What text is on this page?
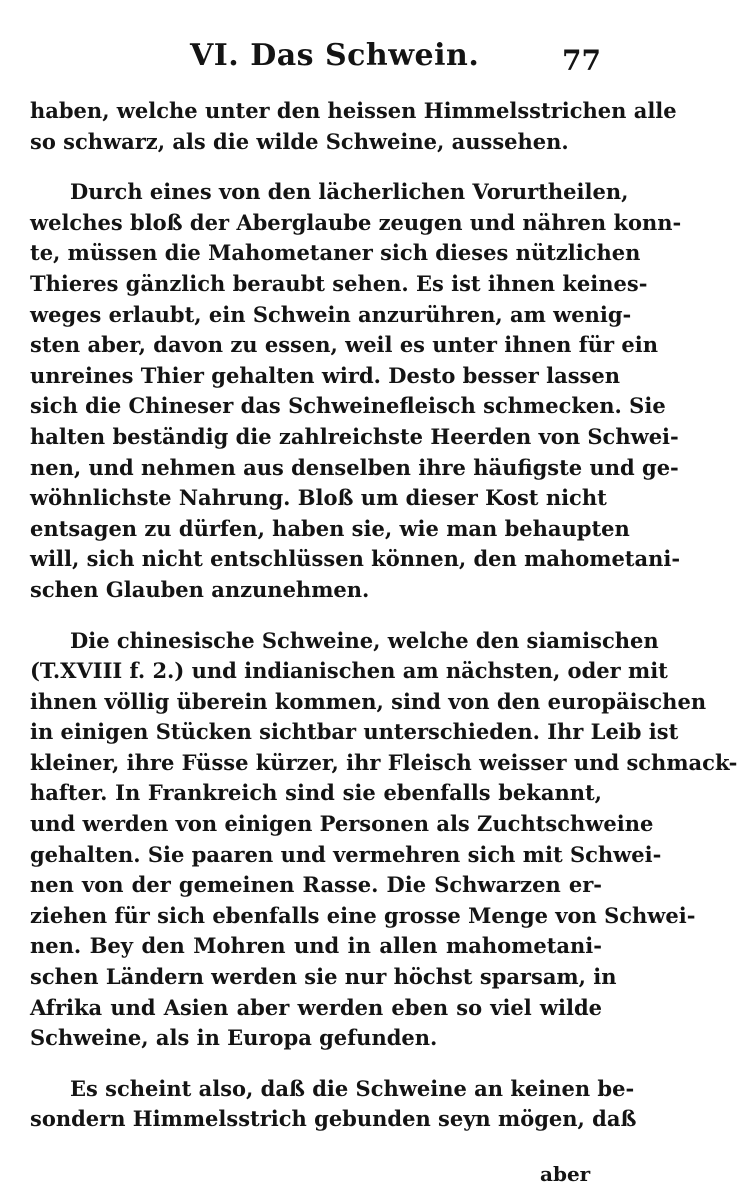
VI. Das Schwein.	77
haben, welche unter den heissen Himmelsstrichen alle
so schwarz, als die wilde Schweine, aussehen.
Durch eines von den lächerlichen Vorurtheilen,
welches bloß der Aberglaube zeugen und nähren konn-
te, müssen die Mahometaner sich dieses nützlichen
Thieres gänzlich beraubt sehen. Es ist ihnen keines-
weges erlaubt, ein Schwein anzurühren, am wenig-
sten aber, davon zu essen, weil es unter ihnen für ein
unreines Thier gehalten wird. Desto besser lassen
sich die Chineser das Schweinefleisch schmecken. Sie
halten beständig die zahlreichste Heerden von Schwei-
nen, und nehmen aus denselben ihre häufigste und ge-
wöhnlichste Nahrung. Bloß um dieser Kost nicht
entsagen zu dürfen, haben sie, wie man behaupten
will, sich nicht entschlüssen können, den mahometani-
schen Glauben anzunehmen.
Die chinesische Schweine, welche den siamischen
(T.XVIII f. 2.) und indianischen am nächsten, oder mit
ihnen völlig überein kommen, sind von den europäischen
in einigen Stücken sichtbar unterschieden. Ihr Leib ist
kleiner, ihre Füsse kürzer, ihr Fleisch weisser und schmack-
hafter. In Frankreich sind sie ebenfalls bekannt,
und werden von einigen Personen als Zuchtschweine
gehalten. Sie paaren und vermehren sich mit Schwei-
nen von der gemeinen Rasse. Die Schwarzen er-
ziehen für sich ebenfalls eine grosse Menge von Schwei-
nen. Bey den Mohren und in allen mahometani-
schen Ländern werden sie nur höchst sparsam, in
Afrika und Asien aber werden eben so viel wilde
Schweine, als in Europa gefunden.
Es scheint also, daß die Schweine an keinen be-
sondern Himmelsstrich gebunden seyn mögen, daß
aber
